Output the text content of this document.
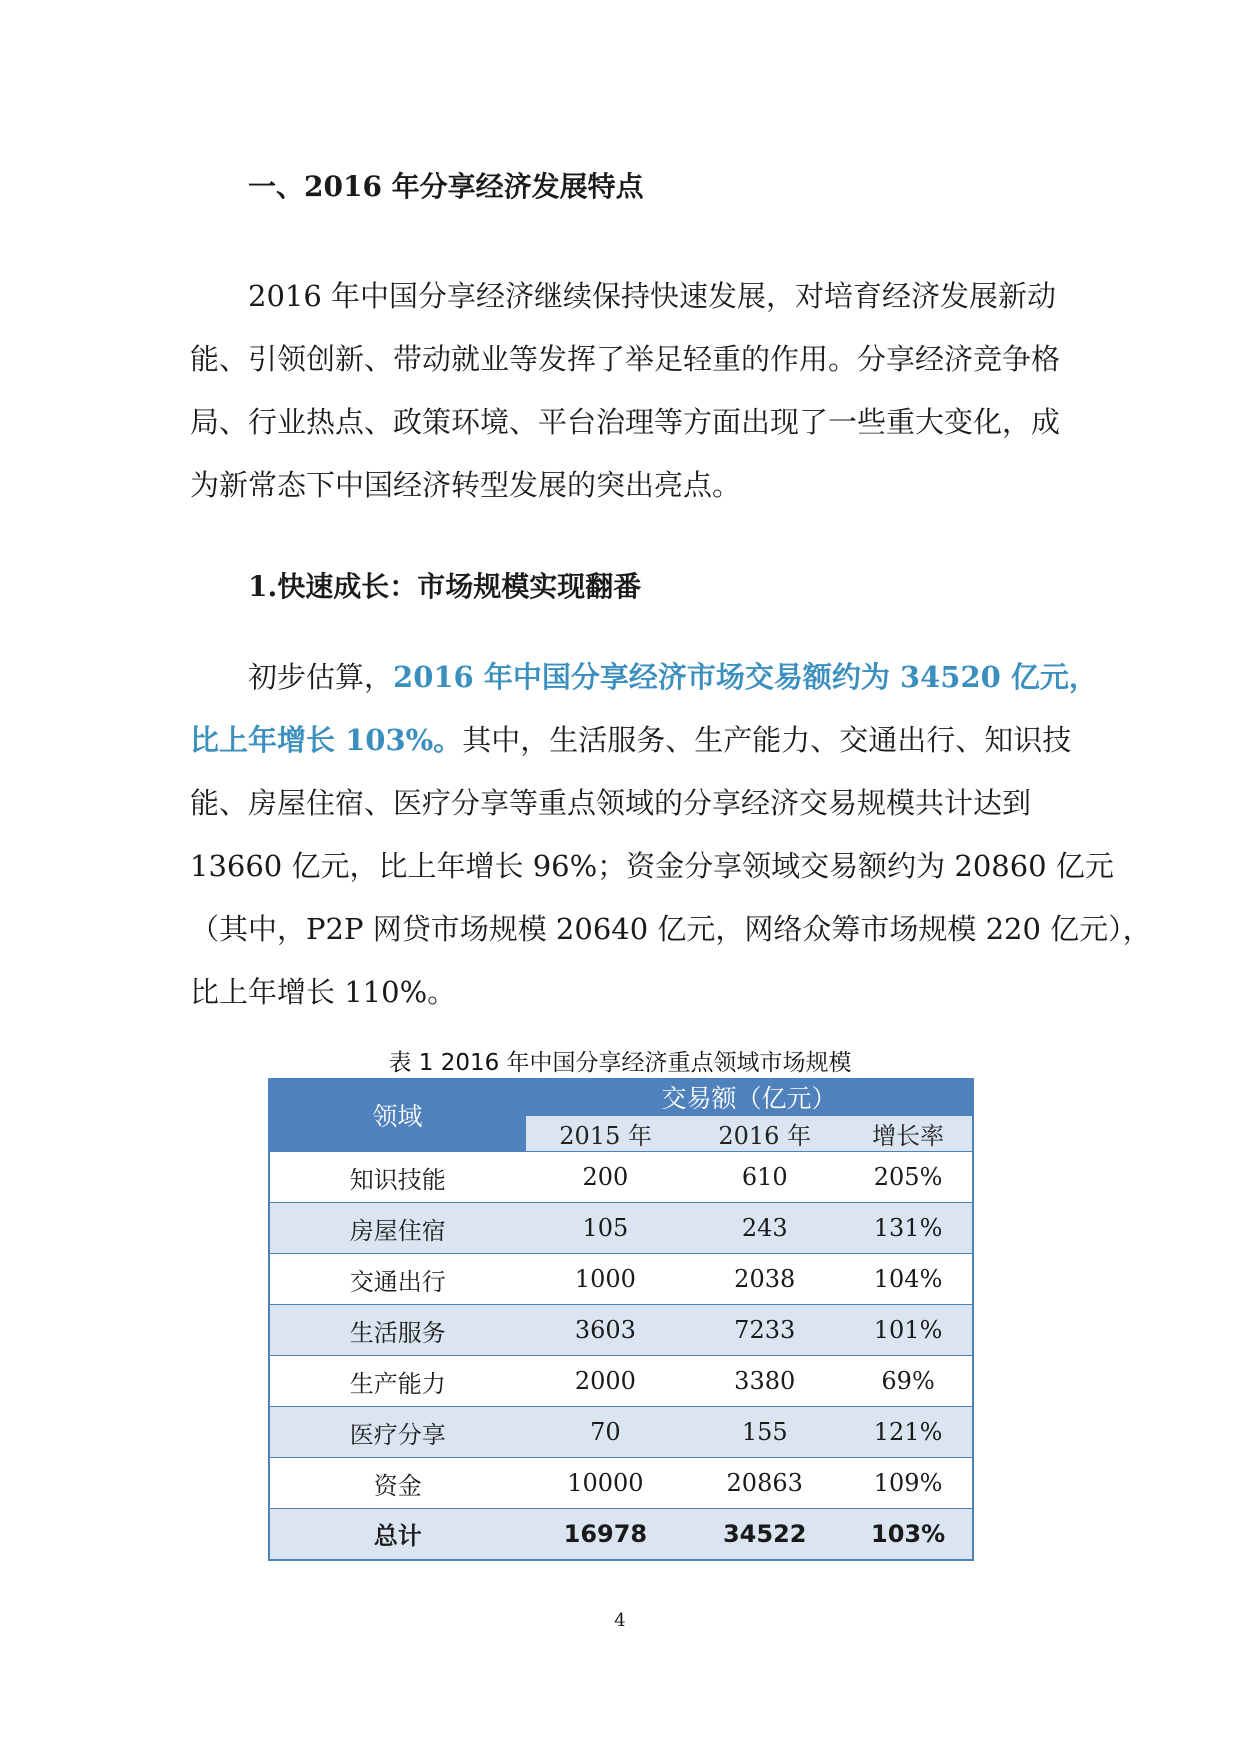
一、2016 年分享经济发展特点
2016 年中国分享经济继续保持快速发展，对培育经济发展新动
能、引领创新、带动就业等发挥了举足轻重的作用。分享经济竞争格
局、行业热点、政策环境、平台治理等方面出现了一些重大变化，成
为新常态下中国经济转型发展的突出亮点。
1.快速成长：市场规模实现翻番
初步估算，2016 年中国分享经济市场交易额约为 34520 亿元，
比上年增长 103%。其中，生活服务、生产能力、交通出行、知识技
能、房屋住宿、医疗分享等重点领域的分享经济交易规模共计达到
13660 亿元，比上年增长 96%；资金分享领域交易额约为 20860 亿元
（其中，P2P 网贷市场规模 20640 亿元，网络众筹市场规模 220 亿元），
比上年增长 110%。
表 1 2016 年中国分享经济重点领域市场规模
领域	交易额（亿元）		
	2015 年	2016 年	增长率
知识技能	200	610	205%
房屋住宿	105	243	131%
交通出行	1000	2038	104%
生活服务	3603	7233	101%
生产能力	2000	3380	69%
医疗分享	70	155	121%
资金	10000	20863	109%
总计	16978	34522	103%
4
